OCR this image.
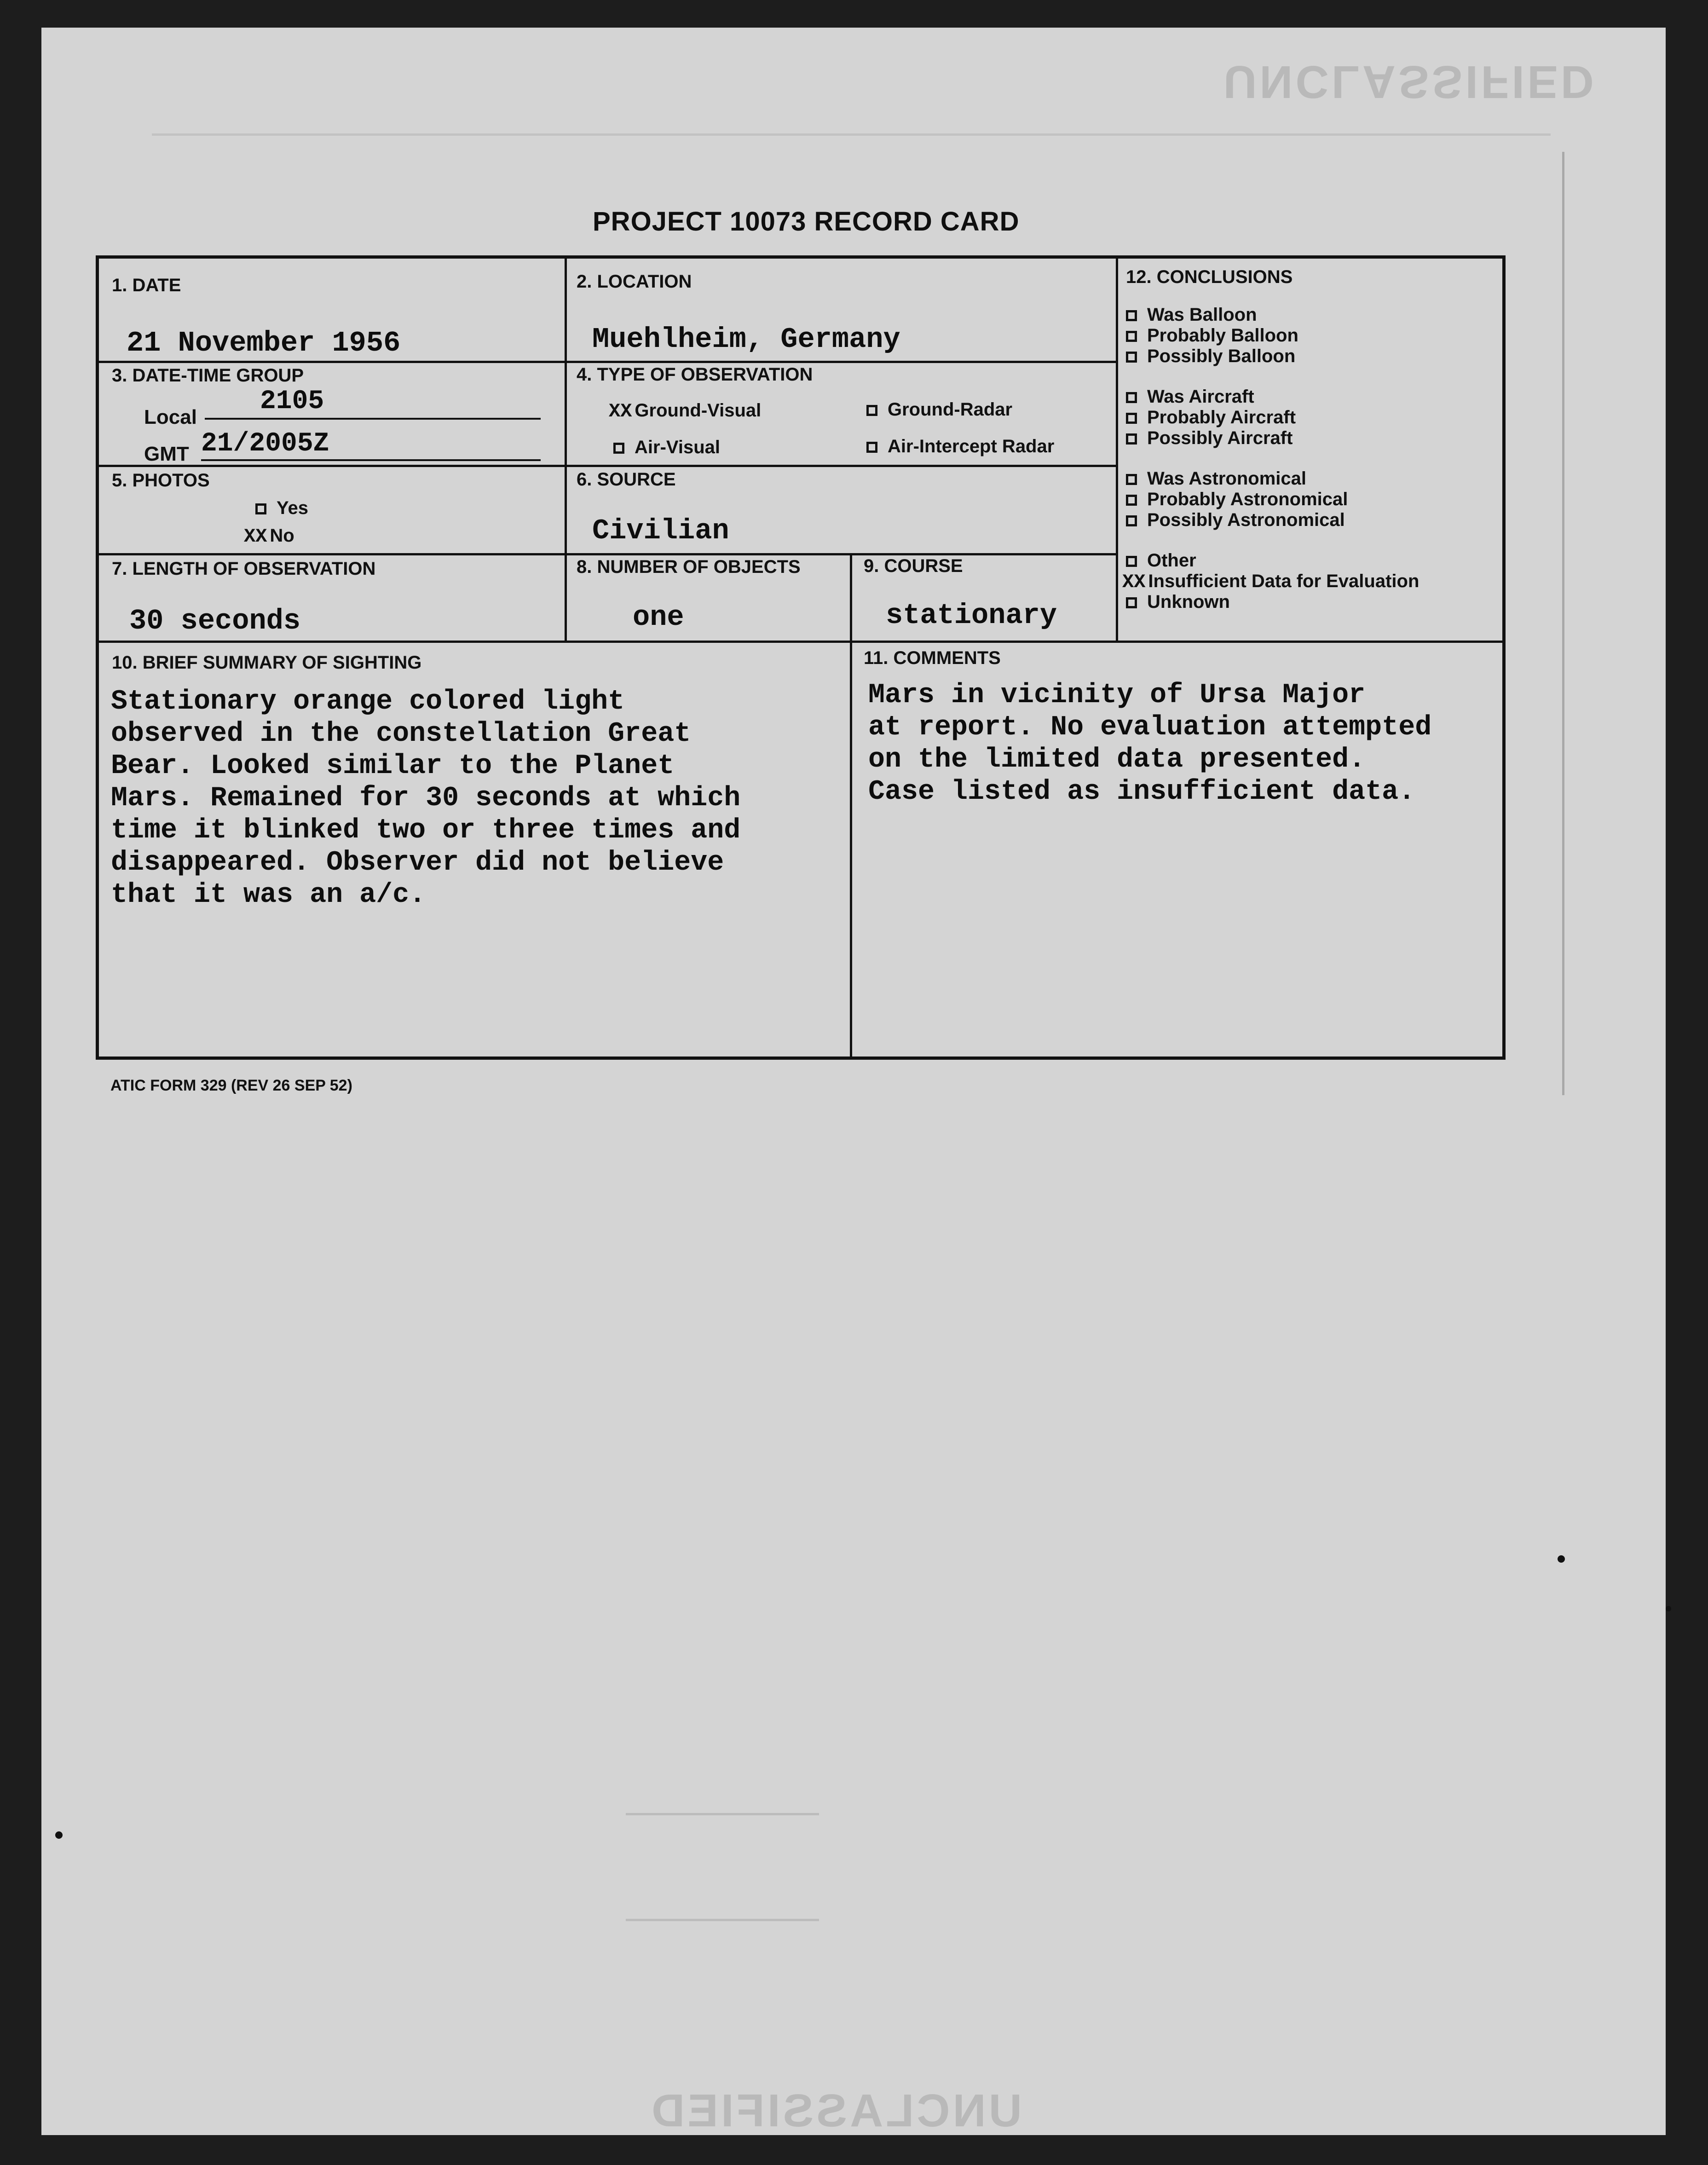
UNCLASSIFIED
UNCLASSIFIED
PROJECT 10073 RECORD CARD
1. DATE
21 November 1956
2. LOCATION
Muehlheim, Germany
3. DATE-TIME GROUP
Local
2105
GMT 21/2005Z
4. TYPE OF OBSERVATION
XX Ground-Visual	Ground-Radar
Air-Visual	Air-Intercept Radar
5. PHOTOS
Yes
XX No
6. SOURCE
Civilian
7. LENGTH OF OBSERVATION
30 seconds
8. NUMBER OF OBJECTS
one
9. COURSE
stationary
10. BRIEF SUMMARY OF SIGHTING
Stationary orange colored light
observed in the constellation Great
Bear. Looked similar to the Planet
Mars. Remained for 30 seconds at which
time it blinked two or three times and
disappeared. Observer did not believe
that it was an a/c.
11. COMMENTS
Mars in vicinity of Ursa Major
at report. No evaluation attempted
on the limited data presented.
Case listed as insufficient data.
12. CONCLUSIONS
Was Balloon
Probably Balloon
Possibly Balloon
Was Aircraft
Probably Aircraft
Possibly Aircraft
Was Astronomical
Probably Astronomical
Possibly Astronomical
Other
XX Insufficient Data for Evaluation
Unknown
ATIC FORM 329 (REV 26 SEP 52)
